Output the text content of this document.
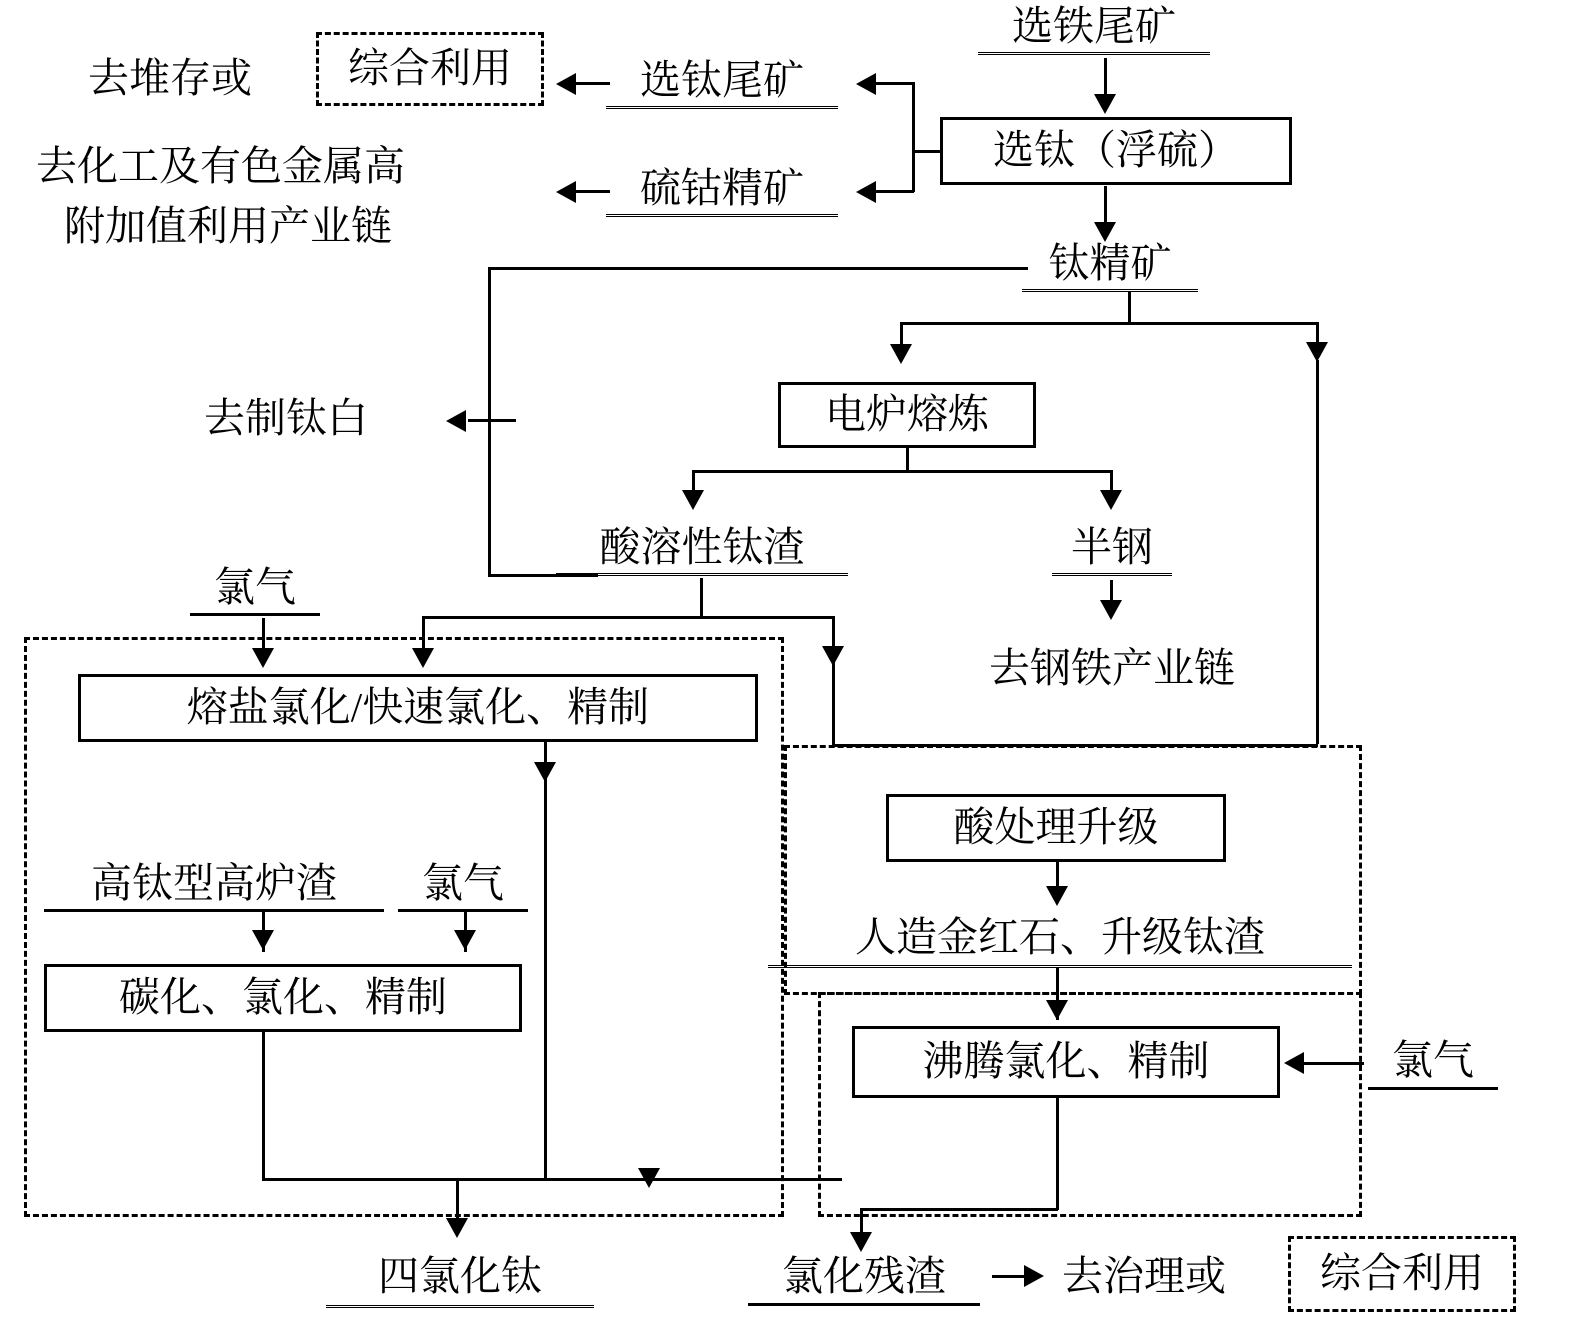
选铁尾矿
选钛（浮硫）
选钛尾矿
硫钴精矿
去堆存或	综合利用
去化工及有色金属高
附加值利用产业链
钛精矿
电炉熔炼
去制钛白
酸溶性钛渣	半钢
去钢铁产业链
氯气
熔盐氯化/快速氯化、精制
高钛型高炉渣	氯气
碳化、氯化、精制
酸处理升级
人造金红石、升级钛渣
沸腾氯化、精制	氯气
四氯化钛	氯化残渣	去治理或	综合利用
